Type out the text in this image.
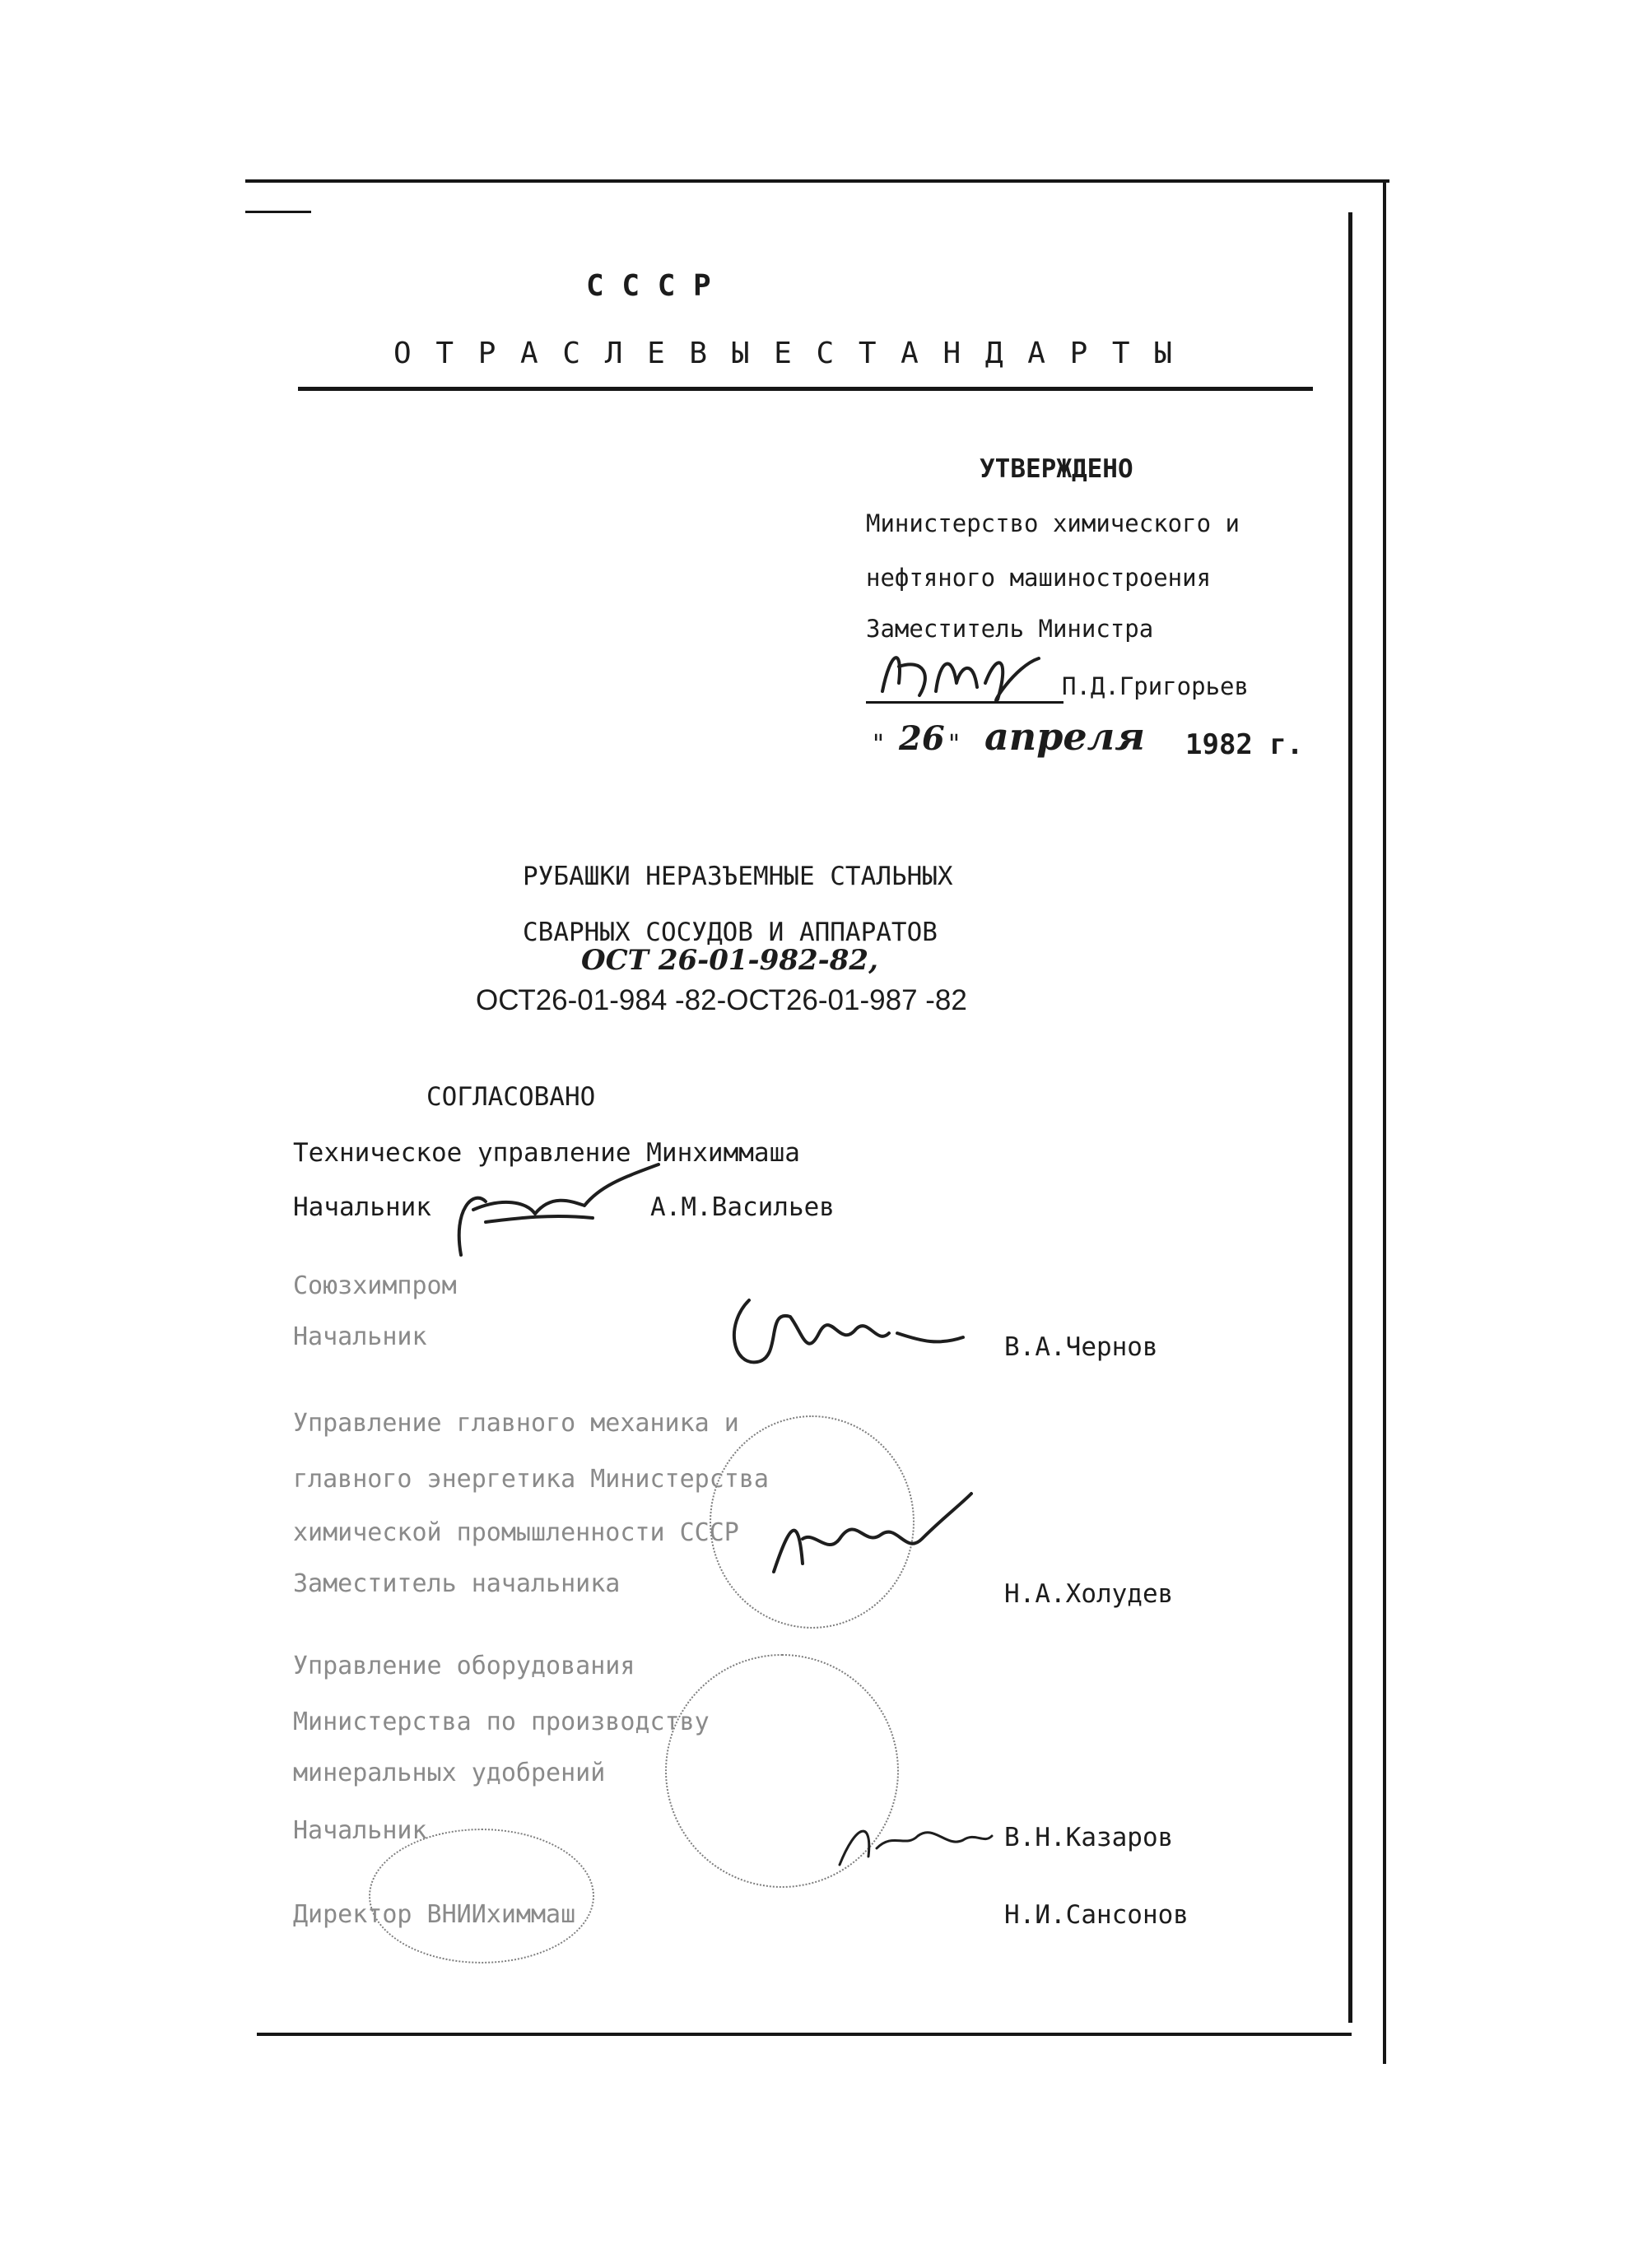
С С С Р
О Т Р А С Л Е В Ы Е С Т А Н Д А Р Т Ы
УТВЕРЖДЕНО
Министерство химического и
нефтяного машиностроения
Заместитель Министра
П.Д.Григорьев
" 26 " апреля 1982 г.
РУБАШКИ НЕРАЗЪЕМНЫЕ СТАЛЬНЫХ
СВАРНЫХ СОСУДОВ И АППАРАТОВ
ОСТ 26-01-982-82,
ОСТ26-01-984 -82-ОСТ26-01-987 -82
СОГЛАСОВАНО
Техническое управление Минхиммаша
Начальник	А.М.Васильев
Союзхимпром
Начальник	В.А.Чернов
Управление главного механика и
главного энергетика Министерства
химической промышленности СССР
Заместитель начальника	Н.А.Холудев
Управление оборудования
Министерства по производству
минеральных удобрений
Начальник	В.Н.Казаров
Директор ВНИИхиммаш	Н.И.Сансонов
